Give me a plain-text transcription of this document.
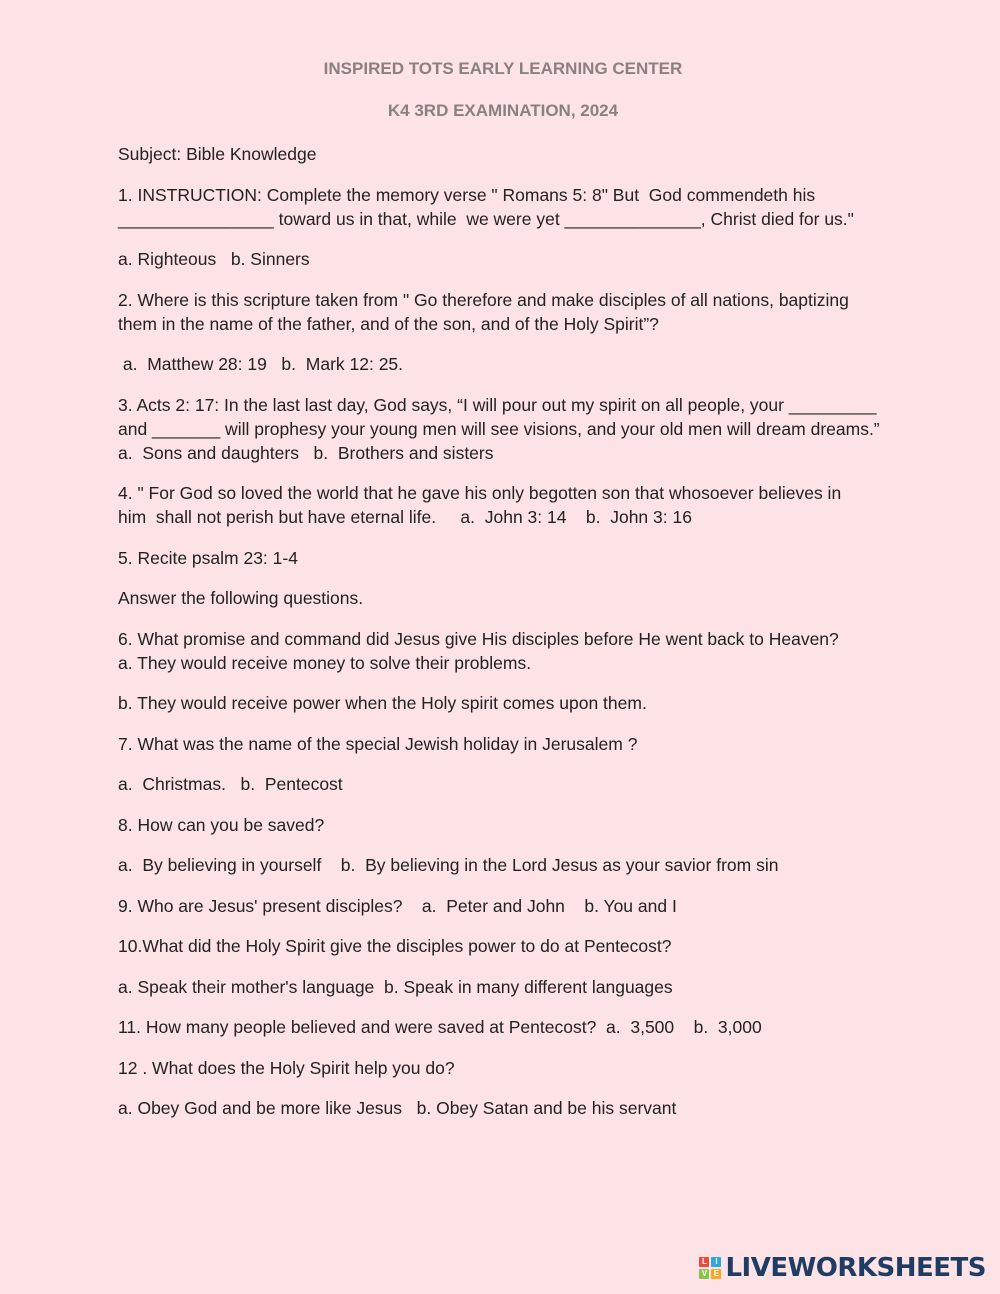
INSPIRED TOTS EARLY LEARNING CENTER
K4 3RD EXAMINATION, 2024
Subject: Bible Knowledge
1. INSTRUCTION: Complete the memory verse " Romans 5: 8" But  God commendeth his
________________ toward us in that, while  we were yet ______________, Christ died for us."
a. Righteous   b. Sinners
2. Where is this scripture taken from " Go therefore and make disciples of all nations, baptizing
them in the name of the father, and of the son, and of the Holy Spirit”?
a.  Matthew 28: 19   b.  Mark 12: 25.
3. Acts 2: 17: In the last last day, God says, “I will pour out my spirit on all people, your _________
and _______ will prophesy your young men will see visions, and your old men will dream dreams.”
a.  Sons and daughters   b.  Brothers and sisters
4. " For God so loved the world that he gave his only begotten son that whosoever believes in
him  shall not perish but have eternal life.     a.  John 3: 14    b.  John 3: 16
5. Recite psalm 23: 1-4
Answer the following questions.
6. What promise and command did Jesus give His disciples before He went back to Heaven?
a. They would receive money to solve their problems.
b. They would receive power when the Holy spirit comes upon them.
7. What was the name of the special Jewish holiday in Jerusalem ?
a.  Christmas.   b.  Pentecost
8. How can you be saved?
a.  By believing in yourself    b.  By believing in the Lord Jesus as your savior from sin
9. Who are Jesus' present disciples?    a.  Peter and John    b. You and I
10.What did the Holy Spirit give the disciples power to do at Pentecost?
a. Speak their mother's language  b. Speak in many different languages
11. How many people believed and were saved at Pentecost?  a.  3,500    b.  3,000
12 . What does the Holy Spirit help you do?
a. Obey God and be more like Jesus   b. Obey Satan and be his servant
L	I
V E LIVEWORKSHEETS
